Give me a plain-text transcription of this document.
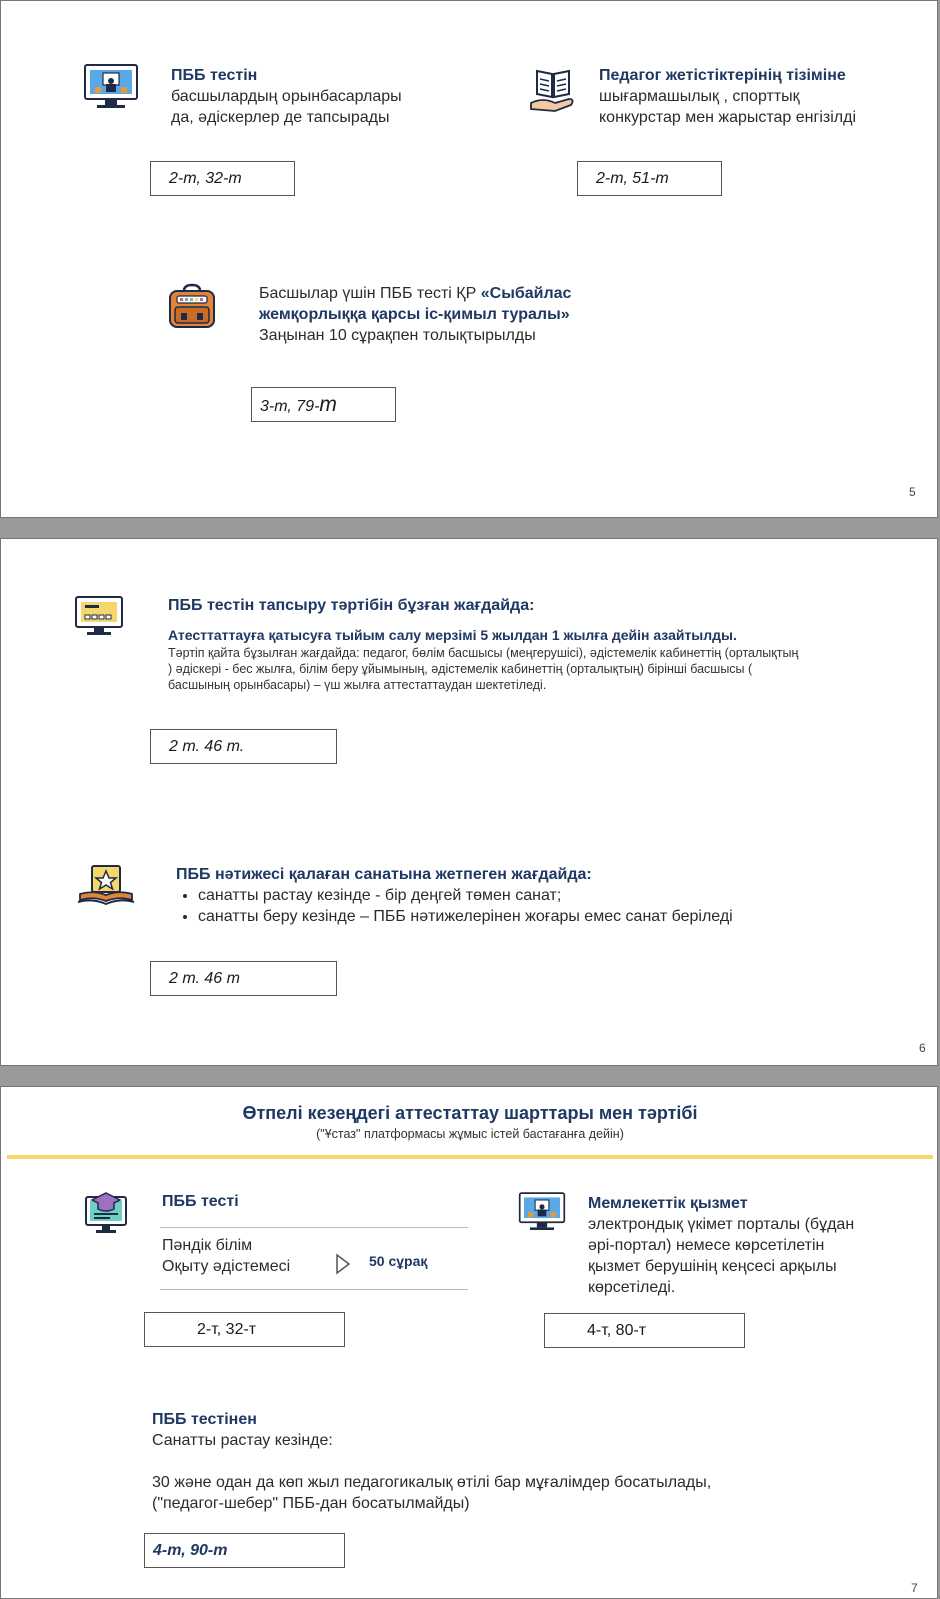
ПББ тестін
басшылардың орынбасарлары
да, әдіскерлер де тапсырады
2-т, 32-т
Педагог жетістіктерінің тізіміне
шығармашылық , спорттық
конкурстар мен жарыстар енгізілді
2-т, 51-т
Басшылар үшін ПББ тесті ҚР «Сыбайлас
жемқорлыққа қарсы іс-қимыл туралы»
Заңынан 10 сұрақпен толықтырылды
3-т, 79-т
5
ПББ тестін тапсыру тәртібін бұзған жағдайда:
Атесттаттауға қатысуға тыйым салу мерзімі 5 жылдан 1 жылға дейін азайтылды.
Тәртіп қайта бұзылған жағдайда: педагог, бөлім басшысы (меңгерушісі), әдістемелік кабинеттің (орталықтың
) әдіскері - бес жылға, білім беру ұйымының, әдістемелік кабинеттің (орталықтың) бірінші басшысы (
басшының орынбасары) – үш жылға аттестаттаудан шектетіледі.
2 т. 46 т.
ПББ нәтижесі қалаған санатына жетпеген жағдайда:
• санатты растау кезінде - бір деңгей төмен санат;
• санатты беру кезінде – ПББ нәтижелерінен жоғары емес санат беріледі
2 т. 46 т
6
Өтпелі кезеңдегі аттестаттау шарттары мен тәртібі
("Ұстаз" платформасы жұмыс істей бастағанға дейін)
ПББ тесті
Пәндік білім
Оқыту әдістемесі	50 сұрақ
2-т, 32-т
Мемлекеттік қызмет
электрондық үкімет порталы (бұдан
әрі-портал) немесе көрсетілетін
қызмет берушінің кеңсесі арқылы
көрсетіледі.
4-т, 80-т
ПББ тестінен
Санатты растау кезінде:
30 және одан да көп жыл педагогикалық өтілі бар мұғалімдер босатылады,
("педагог-шебер" ПББ-дан босатылмайды)
4-т, 90-т
7
